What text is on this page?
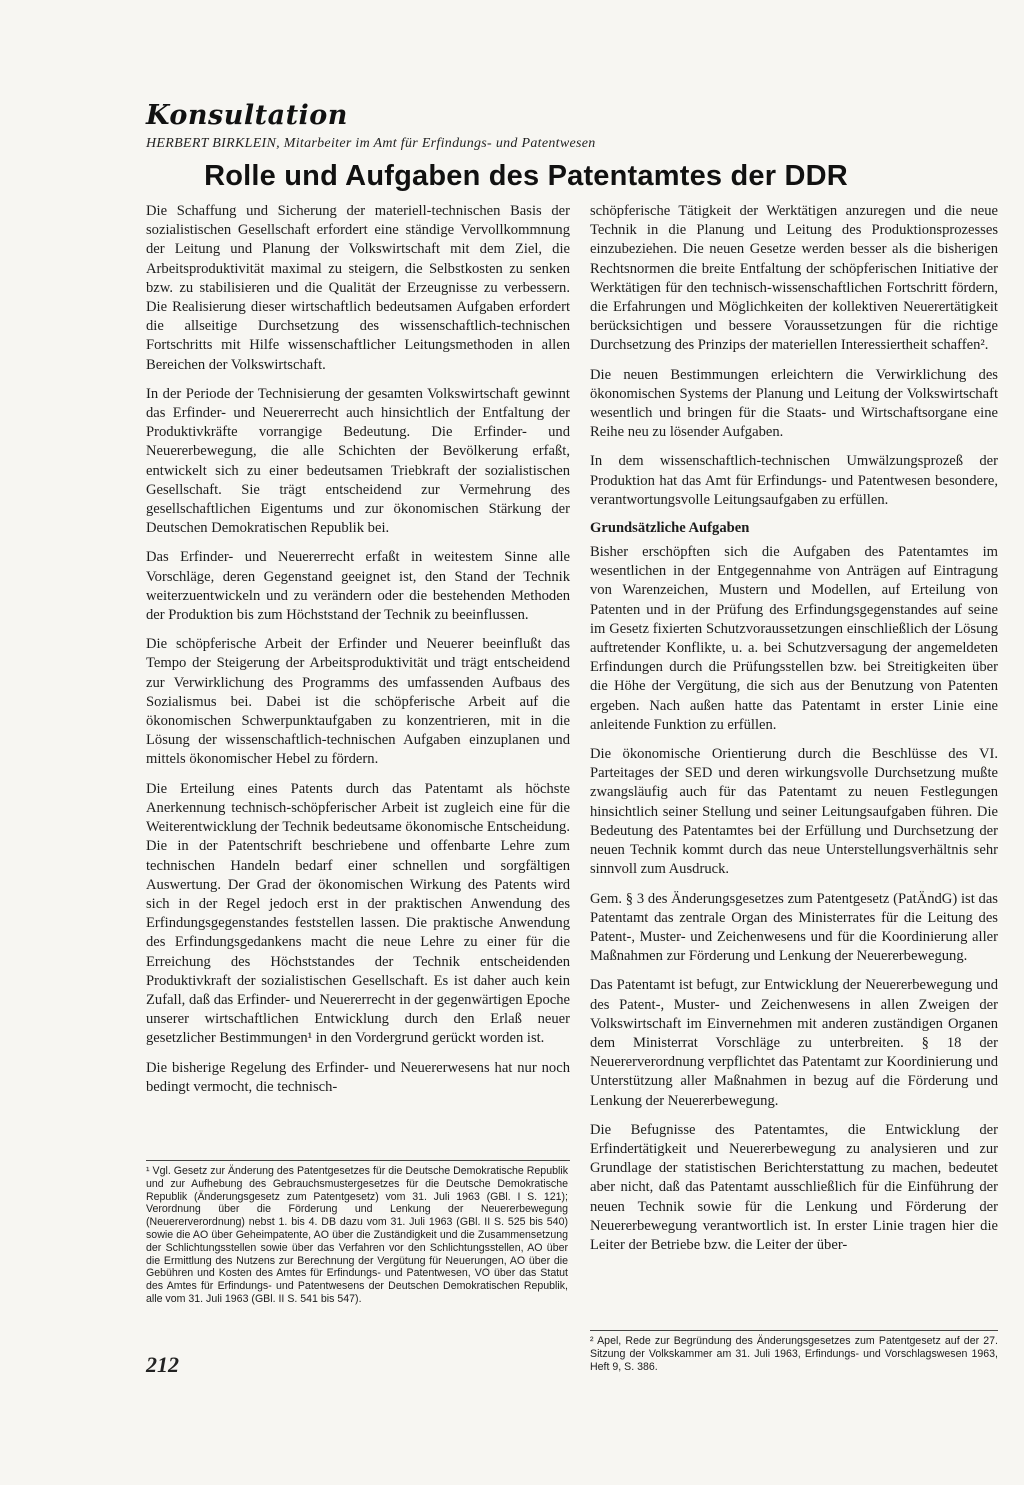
Konsultation
HERBERT BIRKLEIN, Mitarbeiter im Amt für Erfindungs- und Patentwesen
Rolle und Aufgaben des Patentamtes der DDR

Die Schaffung und Sicherung der materiell-technischen Basis der sozialistischen Gesellschaft erfordert eine ständige Vervollkommnung der Leitung und Planung der Volkswirtschaft mit dem Ziel, die Arbeitsproduktivität maximal zu steigern, die Selbstkosten zu senken bzw. zu stabilisieren und die Qualität der Erzeugnisse zu verbessern. Die Realisierung dieser wirtschaftlich bedeutsamen Aufgaben erfordert die allseitige Durchsetzung des wissenschaftlich-technischen Fortschritts mit Hilfe wissenschaftlicher Leitungsmethoden in allen Bereichen der Volkswirtschaft.

In der Periode der Technisierung der gesamten Volkswirtschaft gewinnt das Erfinder- und Neuererrecht auch hinsichtlich der Entfaltung der Produktivkräfte vorrangige Bedeutung. Die Erfinder- und Neuererbewegung, die alle Schichten der Bevölkerung erfaßt, entwickelt sich zu einer bedeutsamen Triebkraft der sozialistischen Gesellschaft. Sie trägt entscheidend zur Vermehrung des gesellschaftlichen Eigentums und zur ökonomischen Stärkung der Deutschen Demokratischen Republik bei.

Das Erfinder- und Neuererrecht erfaßt in weitestem Sinne alle Vorschläge, deren Gegenstand geeignet ist, den Stand der Technik weiterzuentwickeln und zu verändern oder die bestehenden Methoden der Produktion bis zum Höchststand der Technik zu beeinflussen.

Die schöpferische Arbeit der Erfinder und Neuerer beeinflußt das Tempo der Steigerung der Arbeitsproduktivität und trägt entscheidend zur Verwirklichung des Programms des umfassenden Aufbaus des Sozialismus bei. Dabei ist die schöpferische Arbeit auf die ökonomischen Schwerpunktaufgaben zu konzentrieren, mit in die Lösung der wissenschaftlich-technischen Aufgaben einzuplanen und mittels ökonomischer Hebel zu fördern.

Die Erteilung eines Patents durch das Patentamt als höchste Anerkennung technisch-schöpferischer Arbeit ist zugleich eine für die Weiterentwicklung der Technik bedeutsame ökonomische Entscheidung. Die in der Patentschrift beschriebene und offenbarte Lehre zum technischen Handeln bedarf einer schnellen und sorgfältigen Auswertung. Der Grad der ökonomischen Wirkung des Patents wird sich in der Regel jedoch erst in der praktischen Anwendung des Erfindungsgegenstandes feststellen lassen. Die praktische Anwendung des Erfindungsgedankens macht die neue Lehre zu einer für die Erreichung des Höchststandes der Technik entscheidenden Produktivkraft der sozialistischen Gesellschaft. Es ist daher auch kein Zufall, daß das Erfinder- und Neuererrecht in der gegenwärtigen Epoche unserer wirtschaftlichen Entwicklung durch den Erlaß neuer gesetzlicher Bestimmungen¹ in den Vordergrund gerückt worden ist.

Die bisherige Regelung des Erfinder- und Neuererwesens hat nur noch bedingt vermocht, die technisch-

schöpferische Tätigkeit der Werktätigen anzuregen und die neue Technik in die Planung und Leitung des Produktionsprozesses einzubeziehen. Die neuen Gesetze werden besser als die bisherigen Rechtsnormen die breite Entfaltung der schöpferischen Initiative der Werktätigen für den technisch-wissenschaftlichen Fortschritt fördern, die Erfahrungen und Möglichkeiten der kollektiven Neuerertätigkeit berücksichtigen und bessere Voraussetzungen für die richtige Durchsetzung des Prinzips der materiellen Interessiertheit schaffen².

Die neuen Bestimmungen erleichtern die Verwirklichung des ökonomischen Systems der Planung und Leitung der Volkswirtschaft wesentlich und bringen für die Staats- und Wirtschaftsorgane eine Reihe neu zu lösender Aufgaben.

In dem wissenschaftlich-technischen Umwälzungsprozeß der Produktion hat das Amt für Erfindungs- und Patentwesen besondere, verantwortungsvolle Leitungsaufgaben zu erfüllen.

Grundsätzliche Aufgaben

Bisher erschöpften sich die Aufgaben des Patentamtes im wesentlichen in der Entgegennahme von Anträgen auf Eintragung von Warenzeichen, Mustern und Modellen, auf Erteilung von Patenten und in der Prüfung des Erfindungsgegenstandes auf seine im Gesetz fixierten Schutzvoraussetzungen einschließlich der Lösung auftretender Konflikte, u. a. bei Schutzversagung der angemeldeten Erfindungen durch die Prüfungsstellen bzw. bei Streitigkeiten über die Höhe der Vergütung, die sich aus der Benutzung von Patenten ergeben. Nach außen hatte das Patentamt in erster Linie eine anleitende Funktion zu erfüllen.

Die ökonomische Orientierung durch die Beschlüsse des VI. Parteitages der SED und deren wirkungsvolle Durchsetzung mußte zwangsläufig auch für das Patentamt zu neuen Festlegungen hinsichtlich seiner Stellung und seiner Leitungsaufgaben führen. Die Bedeutung des Patentamtes bei der Erfüllung und Durchsetzung der neuen Technik kommt durch das neue Unterstellungsverhältnis sehr sinnvoll zum Ausdruck.

Gem. § 3 des Änderungsgesetzes zum Patentgesetz (PatÄndG) ist das Patentamt das zentrale Organ des Ministerrates für die Leitung des Patent-, Muster- und Zeichenwesens und für die Koordinierung aller Maßnahmen zur Förderung und Lenkung der Neuererbewegung.

Das Patentamt ist befugt, zur Entwicklung der Neuererbewegung und des Patent-, Muster- und Zeichenwesens in allen Zweigen der Volkswirtschaft im Einvernehmen mit anderen zuständigen Organen dem Ministerrat Vorschläge zu unterbreiten. § 18 der Neuererverordnung verpflichtet das Patentamt zur Koordinierung und Unterstützung aller Maßnahmen in bezug auf die Förderung und Lenkung der Neuererbewegung.

Die Befugnisse des Patentamtes, die Entwicklung der Erfindertätigkeit und Neuererbewegung zu analysieren und zur Grundlage der statistischen Berichterstattung zu machen, bedeutet aber nicht, daß das Patentamt ausschließlich für die Einführung der neuen Technik sowie für die Lenkung und Förderung der Neuererbewegung verantwortlich ist. In erster Linie tragen hier die Leiter der Betriebe bzw. die Leiter der über-

¹ Vgl. Gesetz zur Änderung des Patentgesetzes für die Deutsche Demokratische Republik und zur Aufhebung des Gebrauchsmustergesetzes für die Deutsche Demokratische Republik (Änderungsgesetz zum Patentgesetz) vom 31. Juli 1963 (GBl. I S. 121); Verordnung über die Förderung und Lenkung der Neuererbewegung (Neuererverordnung) nebst 1. bis 4. DB dazu vom 31. Juli 1963 (GBl. II S. 525 bis 540) sowie die AO über Geheimpatente, AO über die Zuständigkeit und die Zusammensetzung der Schlichtungsstellen sowie über das Verfahren vor den Schlichtungsstellen, AO über die Ermittlung des Nutzens zur Berechnung der Vergütung für Neuerungen, AO über die Gebühren und Kosten des Amtes für Erfindungs- und Patentwesen, VO über das Statut des Amtes für Erfindungs- und Patentwesens der Deutschen Demokratischen Republik, alle vom 31. Juli 1963 (GBl. II S. 541 bis 547).
² Apel, Rede zur Begründung des Änderungsgesetzes zum Patentgesetz auf der 27. Sitzung der Volkskammer am 31. Juli 1963, Erfindungs- und Vorschlagswesen 1963, Heft 9, S. 386.
212
